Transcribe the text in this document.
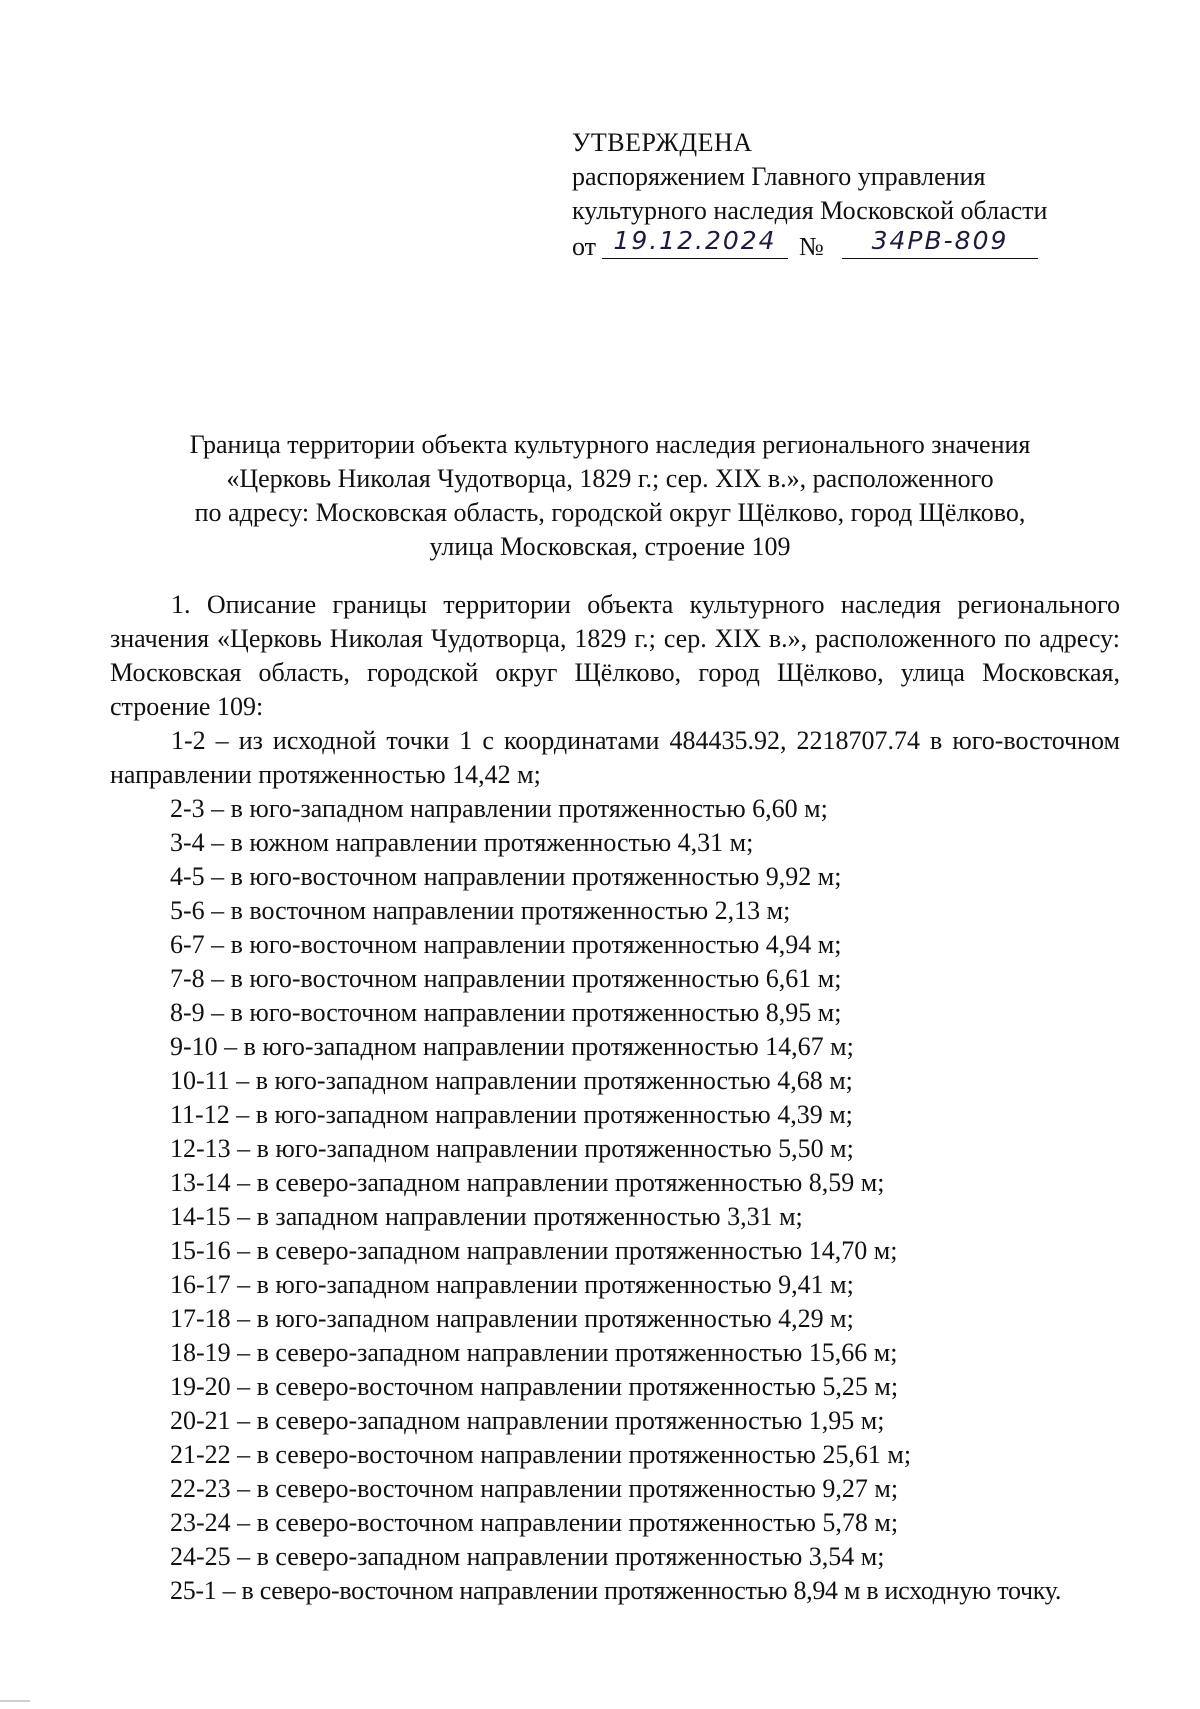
УТВЕРЖДЕНА
распоряжением Главного управления
культурного наследия Московской области
от 19.12.2024 №	34РВ-809
Граница территории объекта культурного наследия регионального значения
«Церковь Николая Чудотворца, 1829 г.; сер. XIX в.», расположенного
по адресу: Московская область, городской округ Щёлково, город Щёлково,
улица Московская, строение 109
1. Описание границы территории объекта культурного наследия регионального значения «Церковь Николая Чудотворца, 1829 г.; сер. XIX в.», расположенного по адресу: Московская область, городской округ Щёлково, город Щёлково, улица Московская, строение 109:
1-2 – из исходной точки 1 с координатами 484435.92, 2218707.74 в юго-восточном направлении протяженностью 14,42 м;
2-3 – в юго-западном направлении протяженностью 6,60 м;
3-4 – в южном направлении протяженностью 4,31 м;
4-5 – в юго-восточном направлении протяженностью 9,92 м;
5-6 – в восточном направлении протяженностью 2,13 м;
6-7 – в юго-восточном направлении протяженностью 4,94 м;
7-8 – в юго-восточном направлении протяженностью 6,61 м;
8-9 – в юго-восточном направлении протяженностью 8,95 м;
9-10 – в юго-западном направлении протяженностью 14,67 м;
10-11 – в юго-западном направлении протяженностью 4,68 м;
11-12 – в юго-западном направлении протяженностью 4,39 м;
12-13 – в юго-западном направлении протяженностью 5,50 м;
13-14 – в северо-западном направлении протяженностью 8,59 м;
14-15 – в западном направлении протяженностью 3,31 м;
15-16 – в северо-западном направлении протяженностью 14,70 м;
16-17 – в юго-западном направлении протяженностью 9,41 м;
17-18 – в юго-западном направлении протяженностью 4,29 м;
18-19 – в северо-западном направлении протяженностью 15,66 м;
19-20 – в северо-восточном направлении протяженностью 5,25 м;
20-21 – в северо-западном направлении протяженностью 1,95 м;
21-22 – в северо-восточном направлении протяженностью 25,61 м;
22-23 – в северо-восточном направлении протяженностью 9,27 м;
23-24 – в северо-восточном направлении протяженностью 5,78 м;
24-25 – в северо-западном направлении протяженностью 3,54 м;
25-1 – в северо-восточном направлении протяженностью 8,94 м в исходную точку.
